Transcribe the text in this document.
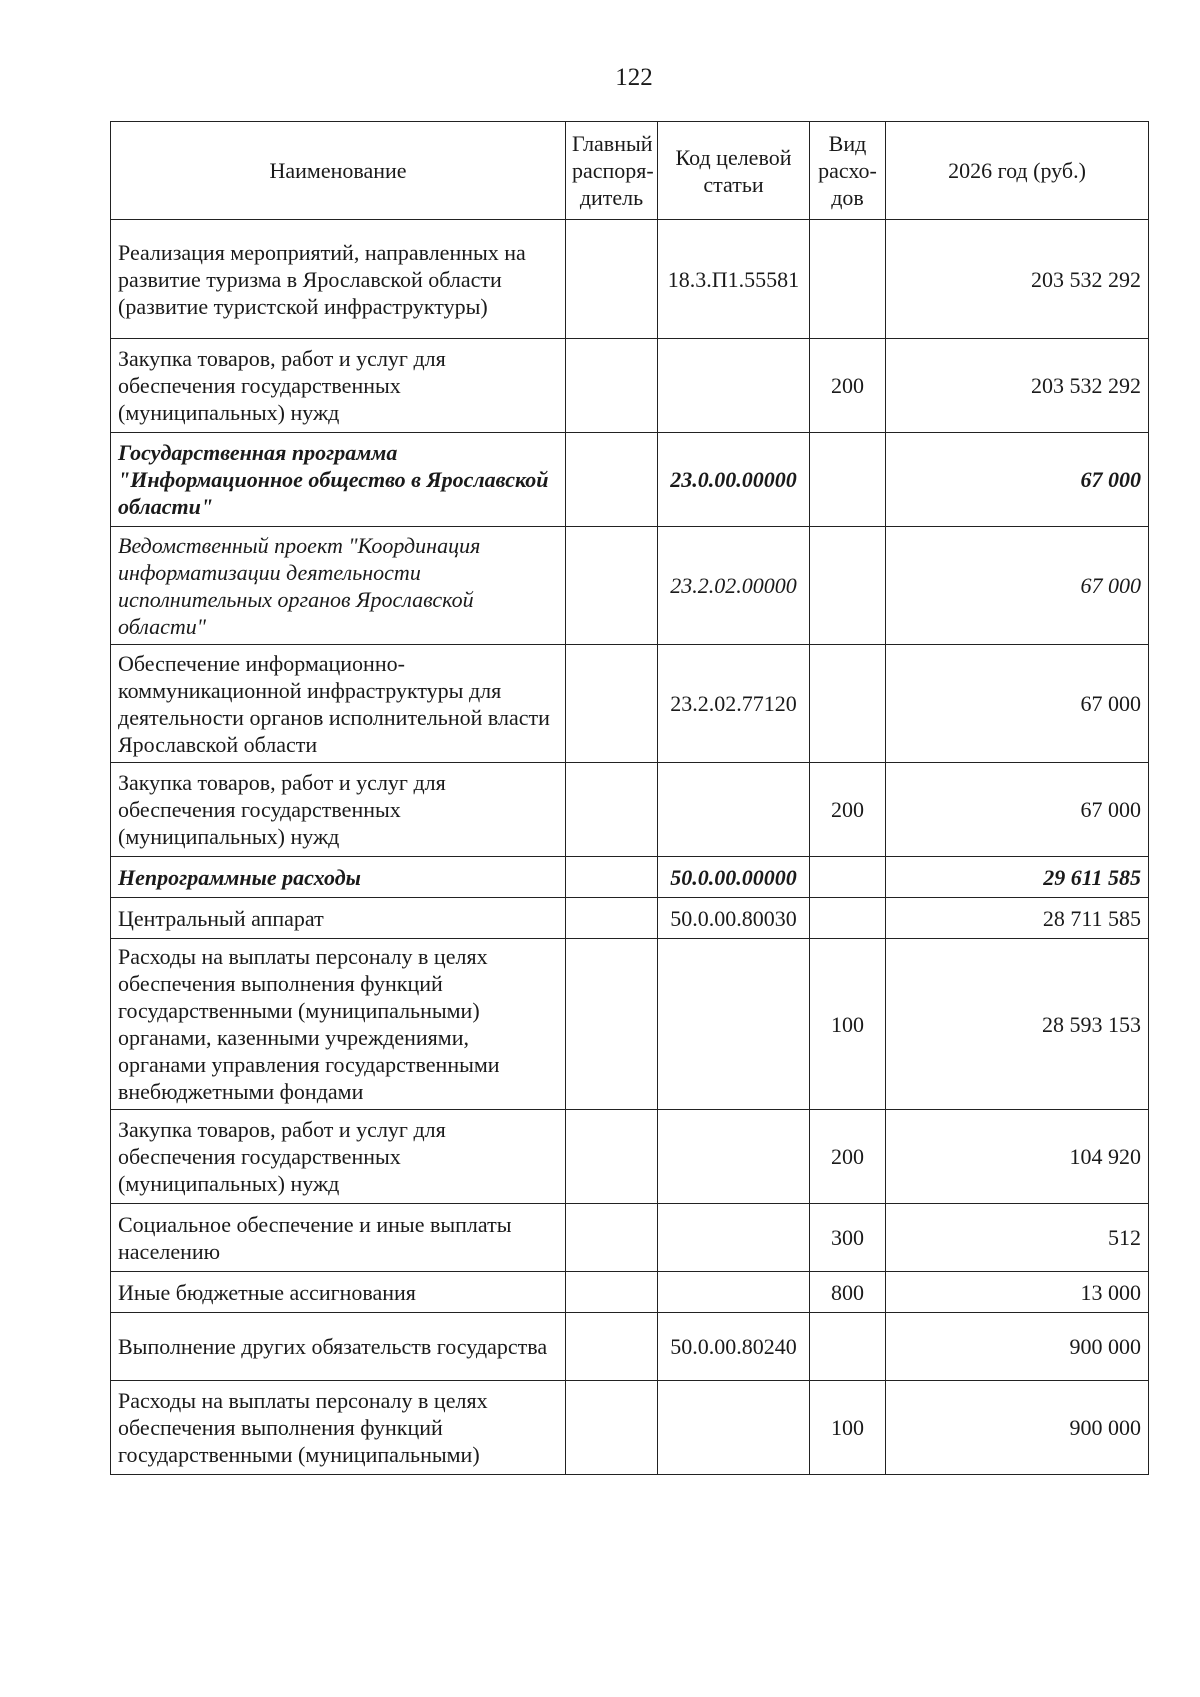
122
Наименование	Главный распоря-дитель	Код целевой статьи	Вид расхо-дов	2026 год (руб.)
Реализация мероприятий, направленных на развитие туризма в Ярославской области (развитие туристской инфраструктуры)		18.3.П1.55581		203 532 292
Закупка товаров, работ и услуг для обеспечения государственных (муниципальных) нужд			200	203 532 292
Государственная программа "Информационное общество в Ярославской области"		23.0.00.00000		67 000
Ведомственный проект "Координация информатизации деятельности исполнительных органов Ярославской области"		23.2.02.00000		67 000
Обеспечение информационно-коммуникационной инфраструктуры для деятельности органов исполнительной власти Ярославской области		23.2.02.77120		67 000
Закупка товаров, работ и услуг для обеспечения государственных (муниципальных) нужд			200	67 000
Непрограммные расходы		50.0.00.00000		29 611 585
Центральный аппарат		50.0.00.80030		28 711 585
Расходы на выплаты персоналу в целях обеспечения выполнения функций государственными (муниципальными) органами, казенными учреждениями, органами управления государственными внебюджетными фондами			100	28 593 153
Закупка товаров, работ и услуг для обеспечения государственных (муниципальных) нужд			200	104 920
Социальное обеспечение и иные выплаты населению			300	512
Иные бюджетные ассигнования			800	13 000
Выполнение других обязательств государства		50.0.00.80240		900 000
Расходы на выплаты персоналу в целях обеспечения выполнения функций государственными (муниципальными)			100	900 000
